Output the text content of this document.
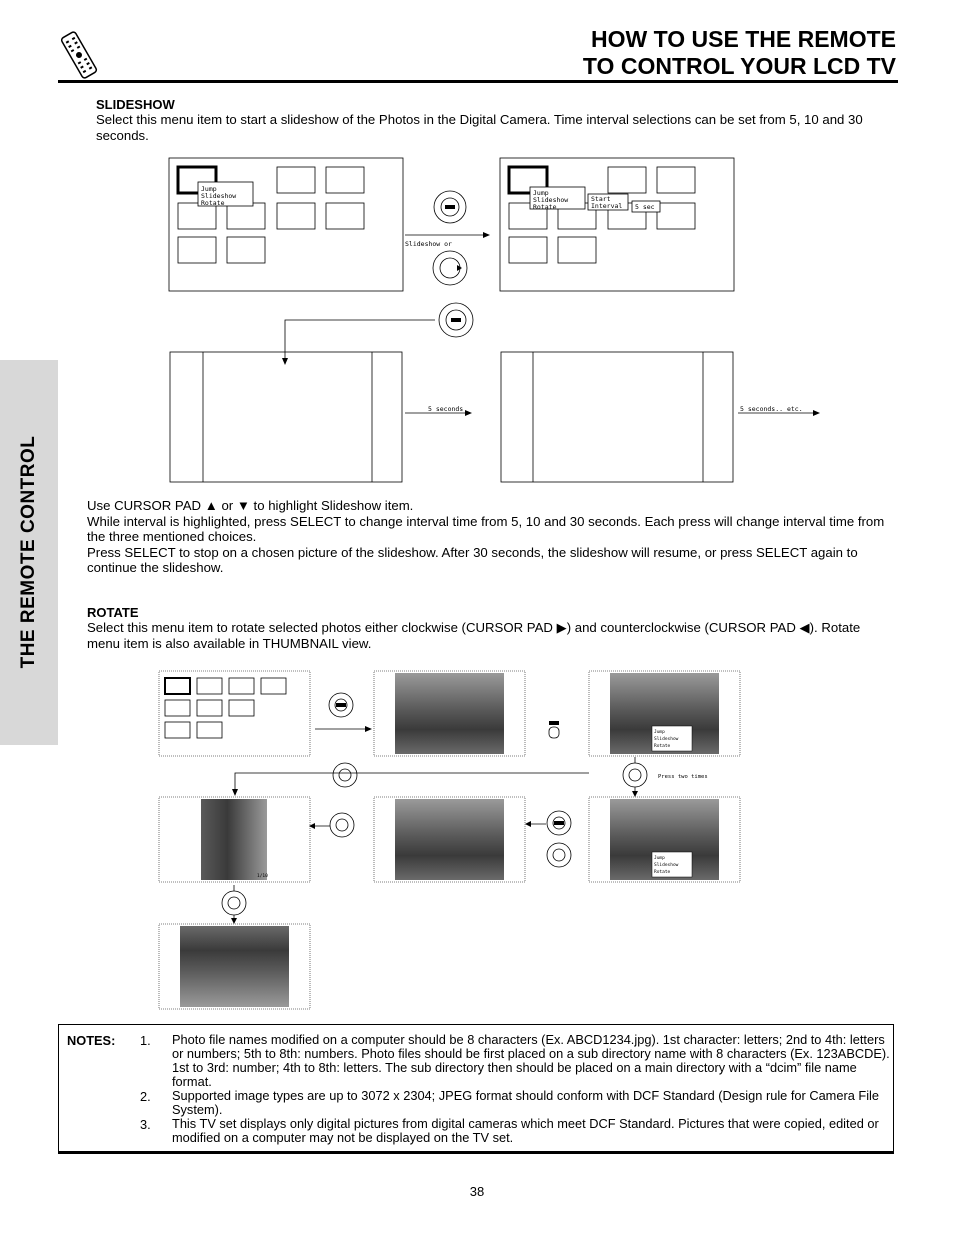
HOW TO USE THE REMOTE
TO CONTROL YOUR LCD TV
THE REMOTE CONTROL
SLIDESHOW
Select this menu item to start a slideshow of the Photos in the Digital Camera. Time interval selections can be set from 5, 10 and 30 seconds.
Jump
Slideshow
Rotate
Jump
Slideshow
Rotate
Start
Interval 5 sec
Slideshow or
5 seconds	5 seconds.. etc.
Use CURSOR PAD ▲ or ▼ to highlight Slideshow item.
While interval is highlighted, press SELECT to change interval time from 5, 10 and 30 seconds. Each press will change interval time from the three mentioned choices.
Press SELECT to stop on a chosen picture of the slideshow. After 30 seconds, the slideshow will resume, or press SELECT again to continue the slideshow.
ROTATE
Select this menu item to rotate selected photos either clockwise (CURSOR PAD ▶) and counterclockwise (CURSOR PAD ◀). Rotate menu item is also available in THUMBNAIL view.
Jump
Slideshow
Rotate
Jump
Slideshow
Rotate
1/10
Press two times
NOTES: 1. Photo file names modified on a computer should be 8 characters (Ex. ABCD1234.jpg). 1st character: letters; 2nd to 4th: letters or numbers; 5th to 8th: numbers. Photo files should be first placed on a sub directory name with 8 characters (Ex. 123ABCDE). 1st to 3rd: number; 4th to 8th: letters. The sub directory then should be placed on a main directory with a “dcim” file name format.
2. Supported image types are up to 3072 x 2304; JPEG format should conform with DCF Standard (Design rule for Camera File System).
3. This TV set displays only digital pictures from digital cameras which meet DCF Standard. Pictures that were copied, edited or modified on a computer may not be displayed on the TV set.
38
